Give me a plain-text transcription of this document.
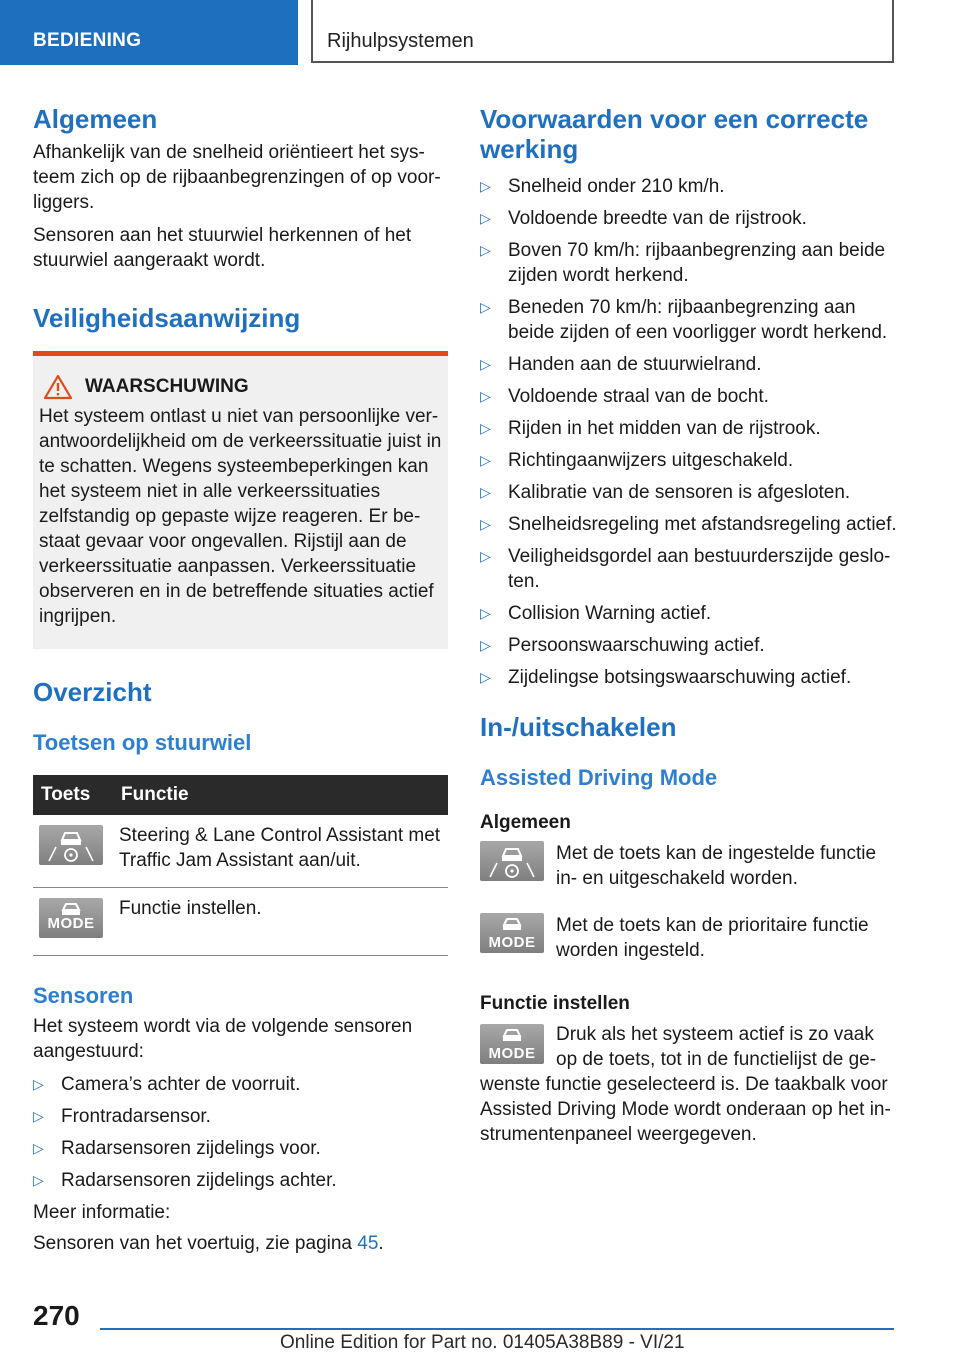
BEDIENING	Rijhulpsystemen
Algemeen

Afhankelijk van de snelheid oriëntieert het systeem zich op de rijbaanbegrenzingen of op voorliggers.

Sensoren aan het stuurwiel herkennen of het stuurwiel aangeraakt wordt.

Veiligheidsaanwijzing
WAARSCHUWING

Het systeem ontlast u niet van persoonlijke verantwoordelijkheid om de verkeerssituatie juist in te schatten. Wegens systeembeperkingen kan het systeem niet in alle verkeerssituaties zelfstandig op gepaste wijze reageren. Er bestaat gevaar voor ongevallen. Rijstijl aan de verkeerssituatie aanpassen. Verkeerssituatie observeren en in de betreffende situaties actief ingrijpen.

Overzicht
Toetsen op stuurwiel
Toets	Functie

	Steering & Lane Control Assistant met Traffic Jam Assistant aan/uit.

MODE	Functie instellen.
Sensoren

Het systeem wordt via de volgende sensoren aangestuurd:

▷ Camera’s achter de voorruit.
▷ Frontradarsensor.
▷ Radarsensoren zijdelings voor.
▷ Radarsensoren zijdelings achter.

Meer informatie:

Sensoren van het voertuig, zie pagina 45.

Voorwaarden voor een correcte werking
▷ Snelheid onder 210 km/h.
▷ Voldoende breedte van de rijstrook.
▷ Boven 70 km/h: rijbaanbegrenzing aan beide zijden wordt herkend.
▷ Beneden 70 km/h: rijbaanbegrenzing aan beide zijden of een voorligger wordt herkend.
▷ Handen aan de stuurwielrand.
▷ Voldoende straal van de bocht.
▷ Rijden in het midden van de rijstrook.
▷ Richtingaanwijzers uitgeschakeld.
▷ Kalibratie van de sensoren is afgesloten.
▷ Snelheidsregeling met afstandsregeling actief.
▷ Veiligheidsgordel aan bestuurderszijde gesloten.
▷ Collision Warning actief.
▷ Persoonswaarschuwing actief.
▷ Zijdelingse botsingswaarschuwing actief.
In-/uitschakelen
Assisted Driving Mode

Algemeen

Met de toets kan de ingestelde functie in- en uitgeschakeld worden.

MODE

Met de toets kan de prioritaire functie worden ingesteld.

Functie instellen

MODE

Druk als het systeem actief is zo vaak op de toets, tot in de functielijst de gewenste functie geselecteerd is. De taakbalk voor Assisted Driving Mode wordt onderaan op het instrumentenpaneel weergegeven.

270
Online Edition for Part no. 01405A38B89 - VI/21
